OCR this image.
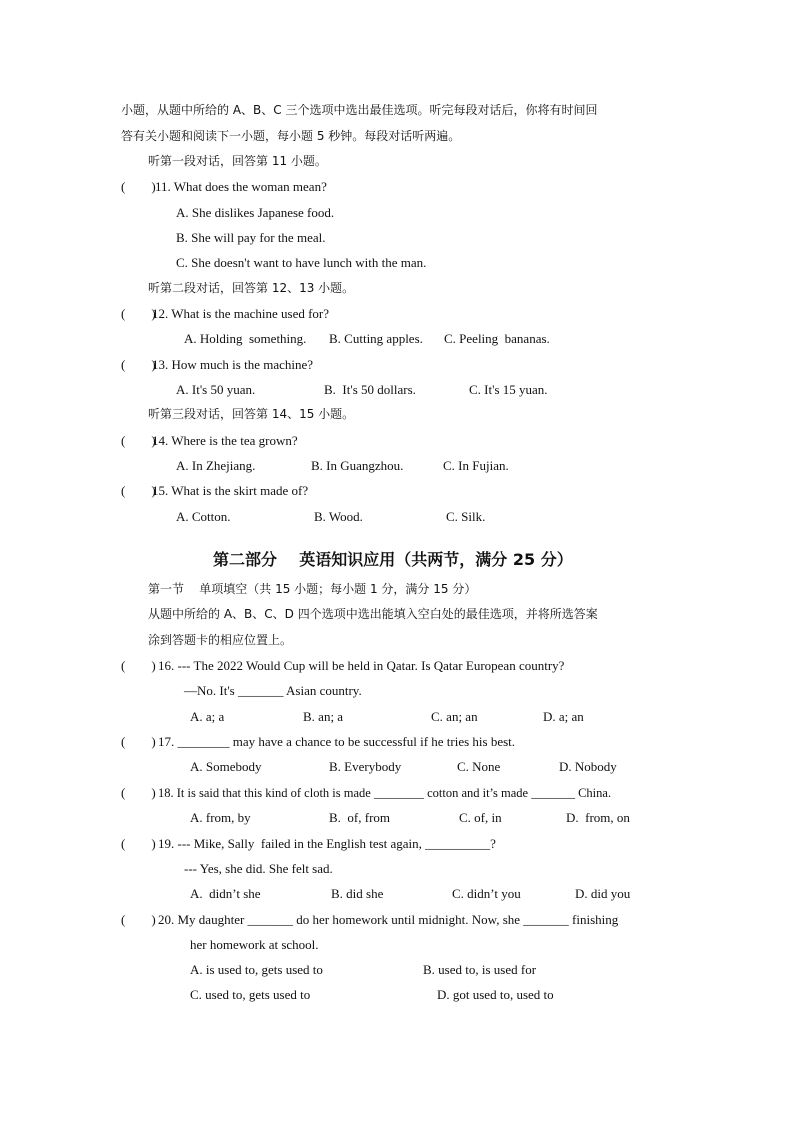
小题，从题中所给的 A、B、C 三个选项中选出最佳选项。听完每段对话后，你将有时间回
答有关小题和阅读下一小题，每小题 5 秒钟。每段对话听两遍。
听第一段对话，回答第 11 小题。
(        ) 11. What does the woman mean?
A. She dislikes Japanese food.
B. She will pay for the meal.
C. She doesn't want to have lunch with the man.
听第二段对话，回答第 12、13 小题。
(        )
12. What is the machine used for?
A. Holding  something. B. Cutting apples. C. Peeling  bananas.
(        )
13. How much is the machine?
A. It's 50 yuan.	B.  It's 50 dollars.	C. It's 15 yuan.
听第三段对话，回答第 14、15 小题。
(        )
14. Where is the tea grown?
A. In Zhejiang.	B. In Guangzhou.	C. In Fujian.
(        )
15. What is the skirt made of?
A. Cotton.	B. Wood.	C. Silk.
第二部分    英语知识应用（共两节，满分 25 分）
第一节    单项填空（共 15 小题；每小题 1 分，满分 15 分）
从题中所给的 A、B、C、D 四个选项中选出能填入空白处的最佳选项，并将所选答案
涂到答题卡的相应位置上。
(        ) 16. --- The 2022 Would Cup will be held in Qatar. Is Qatar European country?
—No. It's _______ Asian country.
A. a; a	B. an; a	C. an; an	D. a; an
(        ) 17. ________ may have a chance to be successful if he tries his best.
A. Somebody	B. Everybody	C. None	D. Nobody
(        ) 18. It is said that this kind of cloth is made ________ cotton and it’s made _______ China.
A. from, by	B.  of, from	C. of, in	D.  from, on
(        ) 19. --- Mike, Sally  failed in the English test again, __________?
--- Yes, she did. She felt sad.
A.  didn’t she	B. did she	C. didn’t you	D. did you
(        ) 20. My daughter _______ do her homework until midnight. Now, she _______ finishing
her homework at school.
A. is used to, gets used to	B. used to, is used for
C. used to, gets used to	D. got used to, used to
